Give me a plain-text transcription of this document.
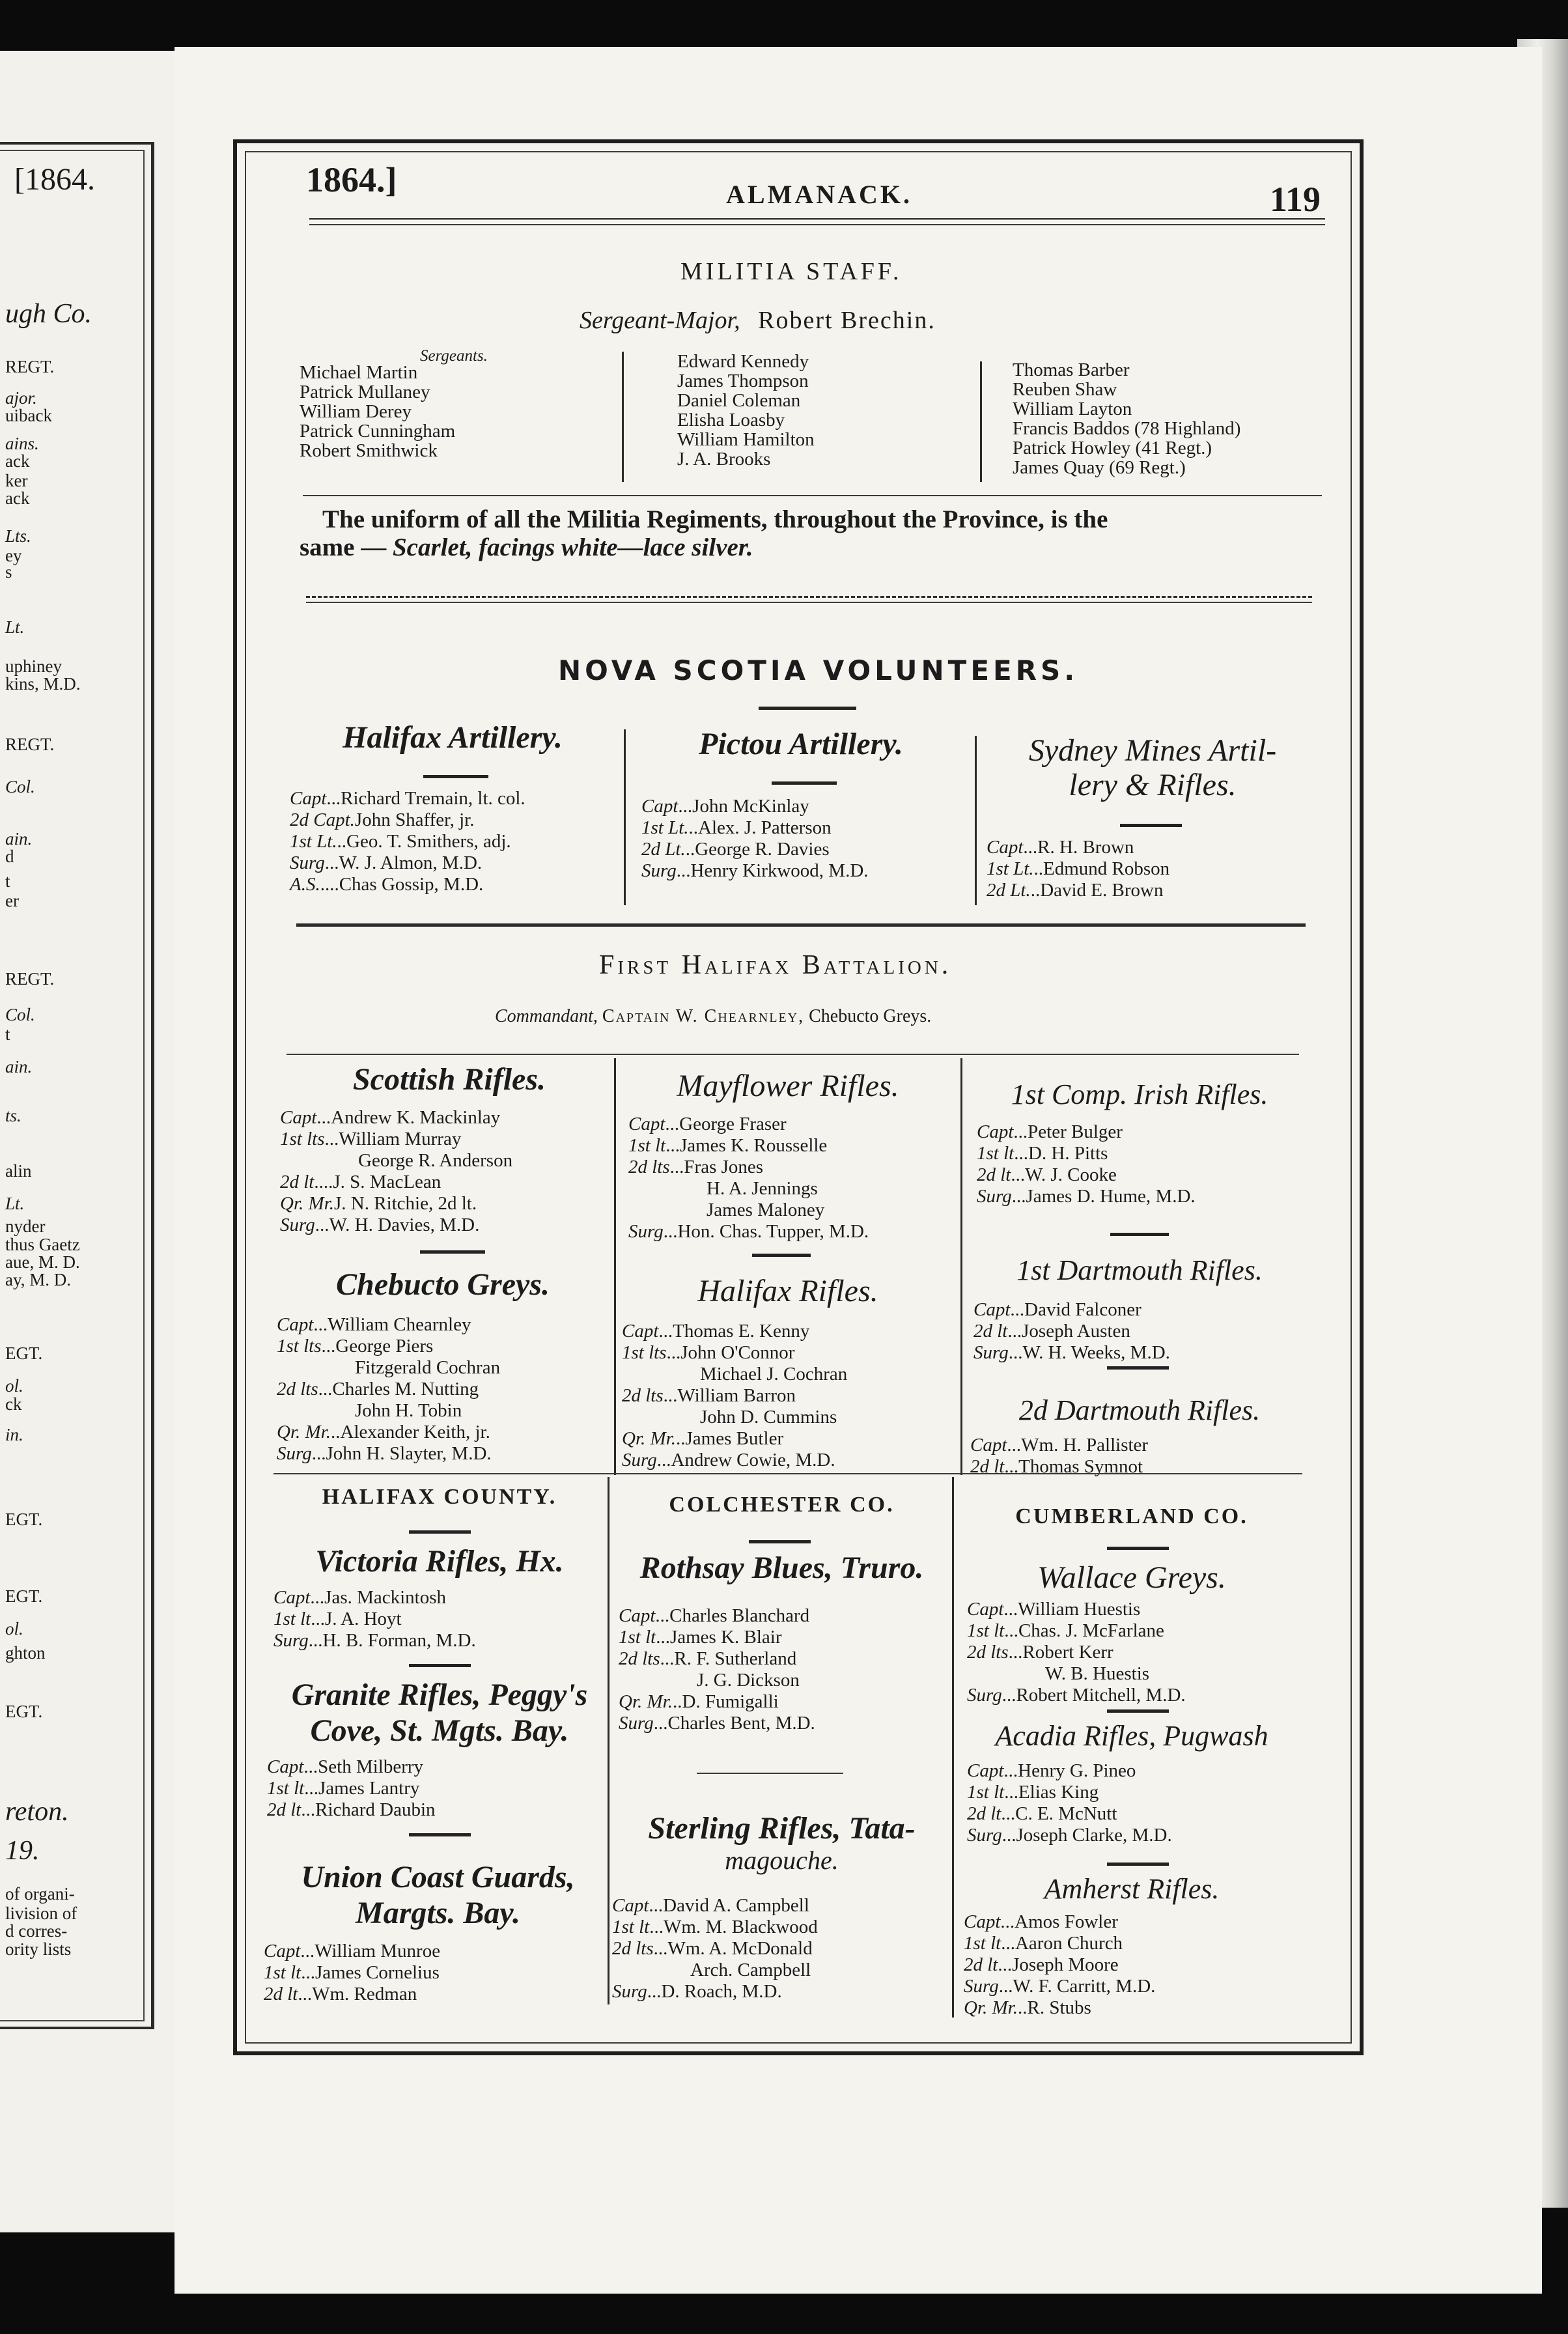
[1864.
ugh Co.
REGT.
ajor.
uiback
ains.
ack
ker
ack
Lts.
ey
s
Lt.
uphiney
kins, M.D.
REGT.
Col.
ain.
d
t
er
REGT.
Col.
t
ain.
ts.
alin
Lt.
nyder
thus Gaetz
aue, M. D.
ay, M. D.
EGT.
ol.
ck
in.
EGT.
EGT.
ol.
ghton
EGT.
reton.
19.
of organi-
livision of
d corres-
ority lists
1864.]	ALMANACK.	119
MILITIA STAFF.
Sergeant-Major, Robert Brechin.
Sergeants.
Michael Martin
Patrick Mullaney
William Derey
Patrick Cunningham
Robert Smithwick
Edward Kennedy
James Thompson
Daniel Coleman
Elisha Loasby
William Hamilton
J. A. Brooks
Thomas Barber
Reuben Shaw
William Layton
Francis Baddos (78 Highland)
Patrick Howley (41 Regt.)
James Quay (69 Regt.)
The uniform of all the Militia Regiments, throughout the Province, is the
same — Scarlet, facings white—lace silver.
NOVA SCOTIA VOLUNTEERS.
Halifax Artillery.
Capt...Richard Tremain, lt. col.
2d Capt.John Shaffer, jr.
1st Lt...Geo. T. Smithers, adj.
Surg...W. J. Almon, M.D.
A.S.....Chas Gossip, M.D.
Pictou Artillery.
Capt...John McKinlay
1st Lt...Alex. J. Patterson
2d Lt...George R. Davies
Surg...Henry Kirkwood, M.D.
Sydney Mines Artil-
lery & Rifles.
Capt...R. H. Brown
1st Lt...Edmund Robson
2d Lt...David E. Brown
First Halifax Battalion.
Commandant, Captain W. Chearnley, Chebucto Greys.
Scottish Rifles.
Capt...Andrew K. Mackinlay
1st lts...William Murray
George R. Anderson
2d lt....J. S. MacLean
Qr. Mr.J. N. Ritchie, 2d lt.
Surg...W. H. Davies, M.D.
Mayflower Rifles.
Capt...George Fraser
1st lt...James K. Rousselle
2d lts...Fras Jones
H. A. Jennings
James Maloney
Surg...Hon. Chas. Tupper, M.D.
1st Comp. Irish Rifles.
Capt...Peter Bulger
1st lt...D. H. Pitts
2d lt...W. J. Cooke
Surg...James D. Hume, M.D.
Chebucto Greys.
Capt...William Chearnley
1st lts...George Piers
Fitzgerald Cochran
2d lts...Charles M. Nutting
John H. Tobin
Qr. Mr...Alexander Keith, jr.
Surg...John H. Slayter, M.D.
Halifax Rifles.
Capt...Thomas E. Kenny
1st lts...John O'Connor
Michael J. Cochran
2d lts...William Barron
John D. Cummins
Qr. Mr...James Butler
Surg...Andrew Cowie, M.D.
1st Dartmouth Rifles.
Capt...David Falconer
2d lt...Joseph Austen
Surg...W. H. Weeks, M.D.
2d Dartmouth Rifles.
Capt...Wm. H. Pallister
2d lt...Thomas Symnot
HALIFAX COUNTY.
Victoria Rifles, Hx.
Capt...Jas. Mackintosh
1st lt...J. A. Hoyt
Surg...H. B. Forman, M.D.
Granite Rifles, Peggy's
Cove, St. Mgts. Bay.
Capt...Seth Milberry
1st lt...James Lantry
2d lt...Richard Daubin
Union Coast Guards,
Margts. Bay.
Capt...William Munroe
1st lt...James Cornelius
2d lt...Wm. Redman
COLCHESTER CO.
Rothsay Blues, Truro.
Capt...Charles Blanchard
1st lt...James K. Blair
2d lts...R. F. Sutherland
J. G. Dickson
Qr. Mr...D. Fumigalli
Surg...Charles Bent, M.D.
Sterling Rifles, Tata-
magouche.
Capt...David A. Campbell
1st lt...Wm. M. Blackwood
2d lts...Wm. A. McDonald
Arch. Campbell
Surg...D. Roach, M.D.
CUMBERLAND CO.
Wallace Greys.
Capt...William Huestis
1st lt...Chas. J. McFarlane
2d lts...Robert Kerr
W. B. Huestis
Surg...Robert Mitchell, M.D.
Acadia Rifles, Pugwash
Capt...Henry G. Pineo
1st lt...Elias King
2d lt...C. E. McNutt
Surg...Joseph Clarke, M.D.
Amherst Rifles.
Capt...Amos Fowler
1st lt...Aaron Church
2d lt...Joseph Moore
Surg...W. F. Carritt, M.D.
Qr. Mr...R. Stubs
